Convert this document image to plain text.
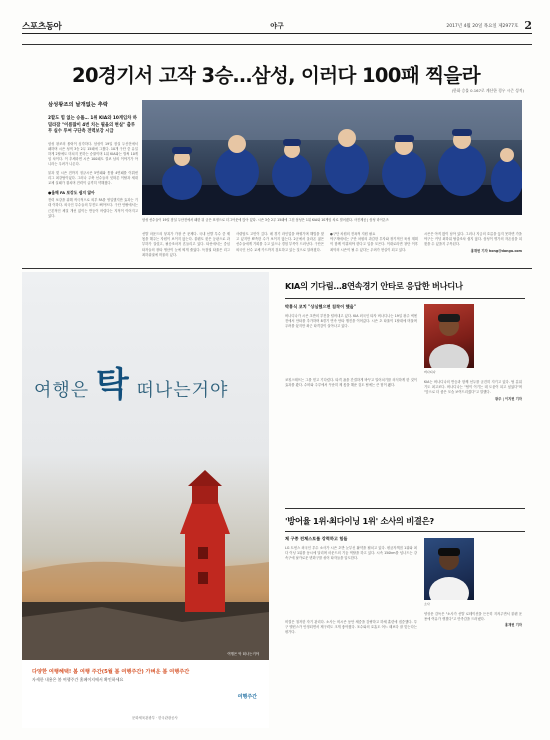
스포츠동아	야구	2017년 4월 20일 목요일 제2977호 2
20경기서 고작 3승…삼성, 이러다 100패 찍을라
(한화 승률 0.167로 계산한 경우 시즌 성적)
삼성왕조의 날개없는 추락
2할도 힘 없는 승률… 1위 KIA와 10게임차 하밀라잡 "이름많이 4번 치는 필을의 현실" 출루무 실수 투여 구단측 전력보강 시급

삼성 왕조의 몰락이 심각하다. 삼성이 19일 잠실 두산전에서 패하며 시즌 성적 3승 2무 15패에 그쳤다. 10개 구단 중 유일하게 2할에도 미치지 못하는 승률이며 1위 KIA와는 벌써 10게임 차이다. 이 추세라면 시즌 100패도 결코 남의 이야기가 아니라는 우려가 나온다.

불과 몇 시즌 전까지 정규시즌 5연패와 통합 4연패를 이뤄낸 리그 최강팀이었다. 그러나 주축 선수들의 잇따른 이탈과 세대교체 실패가 겹치며 전력이 급격히 약해졌다.

●올해 FA 보강도 쉽지 않아

전력 보강을 위해 적극적으로 외부 FA를 영입했지만 효과는 기대 이하다. 외국인 투수들의 부진도 뼈아프다. 구단 안팎에서는 근본적인 체질 개선 없이는 반등이 어렵다는 지적이 이어지고 있다.

삼성 선수들이 19일 잠실 두산전에서 패한 뒤 굳은 표정으로 더그아웃에 앉아 있다. 시즌 3승 2무 15패에 그친 삼성은 1위 KIA와 10게임 차로 벌어졌다. 사진제공 | 삼성 라이온즈

선발 마운드의 붕괴가 가장 큰 문제다. 국내 선발 투수 중 제 몫을 해주는 자원이 보이지 않는다. 불펜도 잦은 등판으로 과부하가 걸렸고, 필승조마저 흔들리고 있다. 타선에서는 중심 타자들의 장타 생산이 눈에 띄게 줄었다. 득점권 타율은 리그 최하위권에 머물러 있다.

사령탑도 고민이 깊다. 매 경기 라인업을 바꿔가며 해법을 찾고 있지만 뾰족한 수가 보이지 않는다. 2군에서 올라온 젊은 선수들에게 기회를 주고 있으나 경험 부족이 드러난다. 구단은 외국인 선수 교체 카드까지 검토하고 있는 것으로 알려졌다.

●구단 차원의 전폭적 지원 필요
야구계에서는 구단 차원의 과감한 투자와 장기적인 육성 계획이 함께 이뤄져야 한다고 입을 모은다. 이대로라면 창단 이후 최악의 시즌이 될 수 있다는 우려가 현실이 되고 있다.

시즌은 아직 많이 남아 있다. 그러나 지금의 흐름을 끊지 못하면 가을야구는 커녕 최하위 탈출조차 쉽지 않다. 삼성이 명가의 자존심을 되찾을 수 있을지 주목된다.

홍재현 기자 hong@donga.com
여행은 탁 떠나는거야
여행은 탁 떠나는거야
다양한 여행혜택! 봄 여행 주간(5월 봄 여행주간) 가벼운 봄 여행주간
자세한 내용은 봄 여행주간 홈페이지에서 확인하세요
여행주간
문화체육관광부 · 한국관광공사
KIA의 기다림…8연속경기 안타로 응답한 버나디나
박흥식 코치 "상심했으면 침착이 했을"

버나디나가 시즌 초반의 부진을 털어내고 있다. KIA 외국인 타자 버나디나는 19일 광주 넥센전에서 안타를 추가하며 8경기 연속 안타 행진을 이어갔다. 시즌 초 타율이 1할대에 머물며 우려를 샀지만 최근 타격감이 살아나고 있다.

코칭스태프는 그를 믿고 기다렸다. 타격 폼을 간결하게 바꾸고 밀어치기를 의식하게 한 것이 효과를 봤다. 수비와 주루에서 꾸준히 제 몫을 해준 것도 팀에는 큰 힘이 됐다.

버나디나

KIA는 버나디나의 반등과 함께 선두를 굳건히 지키고 있다. 팀 분위기도 최고조다. 버나디나는 "팀이 이기는 데 도움이 되고 싶었다"며 "앞으로 더 좋은 모습 보여드리겠다"고 말했다.

광주 | 이지현 기자
'방어율 1위·최다이닝 1위' 소사의 비결은?
체 구종 전체스토를 강력하고 힘들

LG 트윈스 외국인 투수 소사가 시즌 초반 눈부신 활약을 펼치고 있다. 평균자책점 1위와 최다 이닝 1위를 동시에 달리며 마운드의 기둥 역할을 하고 있다. 시속 150km를 넘나드는 강속구에 날카로운 변화구를 섞어 타자들을 압도한다.

비결은 철저한 자기 관리다. 소사는 비시즌 동안 체중을 감량하고 하체 훈련에 집중했다. 투구 밸런스가 안정되면서 제구력도 크게 좋아졌다. 포수와의 호흡도 어느 때보다 잘 맞는다는 평가다.

소사

양상문 감독은 "소사가 선발 로테이션을 든든히 지켜주면서 불펜 운용에 여유가 생겼다"고 만족감을 드러냈다.

홍재현 기자
